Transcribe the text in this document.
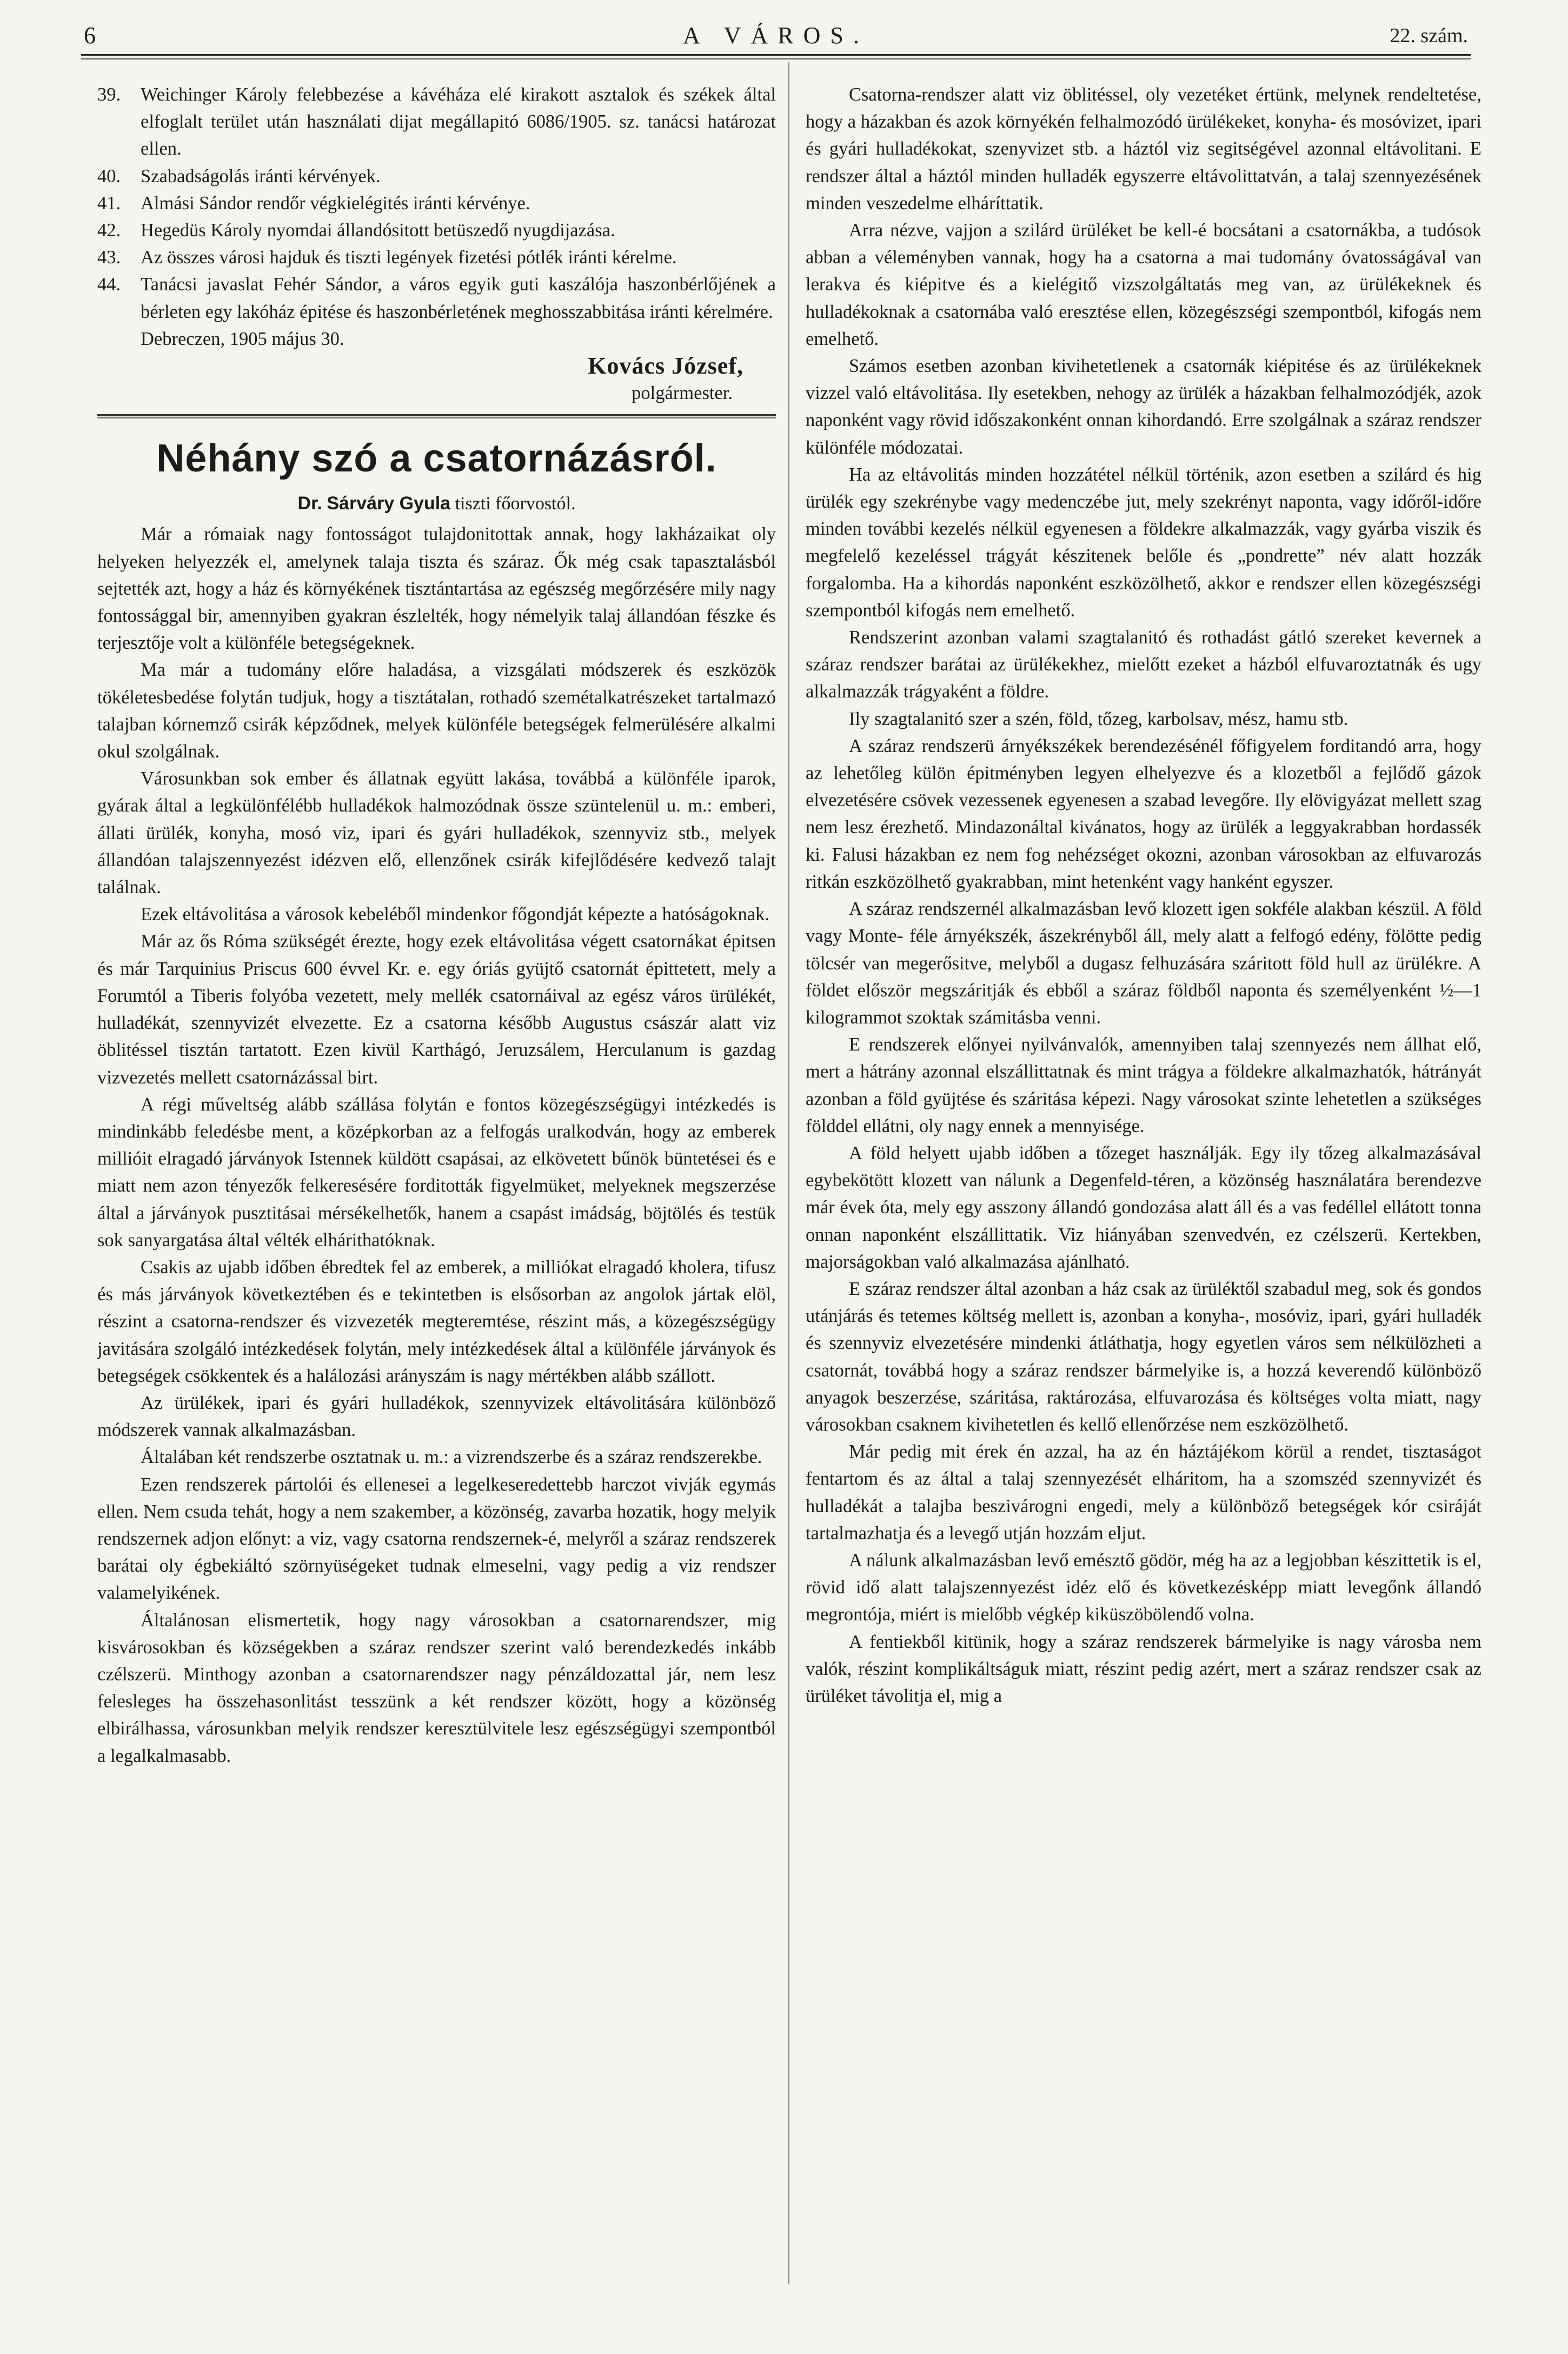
6	A VÁROS.	22. szám.

39. Weichinger Károly felebbezése a kávéháza elé kirakott asztalok és székek által elfoglalt terület után használati dijat megállapitó 6086/1905. sz. tanácsi határozat ellen.

40. Szabadságolás iránti kérvények.

41. Almási Sándor rendőr végkielégités iránti kérvénye.

42. Hegedüs Károly nyomdai állandósitott betüszedő nyugdijazása.

43. Az összes városi hajduk és tiszti legények fizetési pótlék iránti kérelme.

44. Tanácsi javaslat Fehér Sándor, a város egyik guti kaszálója haszonbérlőjének a bérleten egy lakóház épitése és haszonbérletének meghosszabbitása iránti kérelmére.

Debreczen, 1905 május 30.

Kovács József,

polgármester.

Néhány szó a csatornázásról.

Dr. Sárváry Gyula tiszti főorvostól.

Már a rómaiak nagy fontosságot tulajdonitottak annak, hogy lakházaikat oly helyeken helyezzék el, amelynek talaja tiszta és száraz. Ők még csak tapasztalásból sejtették azt, hogy a ház és környékének tisztántartása az egészség megőrzésére mily nagy fontossággal bir, amennyiben gyakran észlelték, hogy némelyik talaj állandóan fészke és terjesztője volt a különféle betegségeknek.

Ma már a tudomány előre haladása, a vizsgálati módszerek és eszközök tökéletesbedése folytán tudjuk, hogy a tisztátalan, rothadó szemétalkatrészeket tartalmazó talajban kórnemző csirák képződnek, melyek különféle betegségek felmerülésére alkalmi okul szolgálnak.

Városunkban sok ember és állatnak együtt lakása, továbbá a különféle iparok, gyárak által a legkülönfélébb hulladékok halmozódnak össze szüntelenül u. m.: emberi, állati ürülék, konyha, mosó viz, ipari és gyári hulladékok, szennyviz stb., melyek állandóan talajszennyezést idézven elő, ellenzőnek csirák kifejlődésére kedvező talajt találnak.

Ezek eltávolitása a városok kebeléből mindenkor főgondját képezte a hatóságoknak.

Már az ős Róma szükségét érezte, hogy ezek eltávolitása végett csatornákat épitsen és már Tarquinius Priscus 600 évvel Kr. e. egy óriás gyüjtő csatornát épittetett, mely a Forumtól a Tiberis folyóba vezetett, mely mellék csatornáival az egész város ürülékét, hulladékát, szennyvizét elvezette. Ez a csatorna később Augustus császár alatt viz öblitéssel tisztán tartatott. Ezen kivül Karthágó, Jeruzsálem, Herculanum is gazdag vizvezetés mellett csatornázással birt.

A régi műveltség alább szállása folytán e fontos közegészségügyi intézkedés is mindinkább feledésbe ment, a középkorban az a felfogás uralkodván, hogy az emberek millióit elragadó járványok Istennek küldött csapásai, az elkövetett bűnök büntetései és e miatt nem azon tényezők felkeresésére forditották figyelmüket, melyeknek megszerzése által a járványok pusztitásai mérsékelhetők, hanem a csapást imádság, böjtölés és testük sok sanyargatása által vélték elhárithatóknak.

Csakis az ujabb időben ébredtek fel az emberek, a milliókat elragadó kholera, tifusz és más járványok következtében és e tekintetben is elsősorban az angolok jártak elöl, részint a csatorna-rendszer és vizvezeték megteremtése, részint más, a közegészségügy javitására szolgáló intézkedések folytán, mely intézkedések által a különféle járványok és betegségek csökkentek és a halálozási arányszám is nagy mértékben alább szállott.

Az ürülékek, ipari és gyári hulladékok, szennyvizek eltávolitására különböző módszerek vannak alkalmazásban.

Általában két rendszerbe osztatnak u. m.: a vizrendszerbe és a száraz rendszerekbe.

Ezen rendszerek pártolói és ellenesei a legelkeseredettebb harczot vivják egymás ellen. Nem csuda tehát, hogy a nem szakember, a közönség, zavarba hozatik, hogy melyik rendszernek adjon előnyt: a viz, vagy csatorna rendszernek-é, melyről a száraz rendszerek barátai oly égbekiáltó szörnyüségeket tudnak elmeselni, vagy pedig a viz rendszer valamelyikének.

Általánosan elismertetik, hogy nagy városokban a csatornarendszer, mig kisvárosokban és községekben a száraz rendszer szerint való berendezkedés inkább czélszerü. Minthogy azonban a csatornarendszer nagy pénzáldozattal jár, nem lesz felesleges ha összehasonlitást tesszünk a két rendszer között, hogy a közönség elbirálhassa, városunkban melyik rendszer keresztülvitele lesz egészségügyi szempontból a legalkalmasabb.

Csatorna-rendszer alatt viz öblitéssel, oly vezetéket értünk, melynek rendeltetése, hogy a házakban és azok környékén felhalmozódó ürülékeket, konyha- és mosóvizet, ipari és gyári hulladékokat, szenyvizet stb. a háztól viz segitségével azonnal eltávolitani. E rendszer által a háztól minden hulladék egyszerre eltávolittatván, a talaj szennyezésének minden veszedelme elháríttatik.

Arra nézve, vajjon a szilárd ürüléket be kell-é bocsátani a csatornákba, a tudósok abban a véleményben vannak, hogy ha a csatorna a mai tudomány óvatosságával van lerakva és kiépitve és a kielégitő vizszolgáltatás meg van, az ürülékeknek és hulladékoknak a csatornába való eresztése ellen, közegészségi szempontból, kifogás nem emelhető.

Számos esetben azonban kivihetetlenek a csatornák kiépitése és az ürülékeknek vizzel való eltávolitása. Ily esetekben, nehogy az ürülék a házakban felhalmozódjék, azok naponként vagy rövid időszakonként onnan kihordandó. Erre szolgálnak a száraz rendszer különféle módozatai.

Ha az eltávolitás minden hozzátétel nélkül történik, azon esetben a szilárd és hig ürülék egy szekrénybe vagy medenczébe jut, mely szekrényt naponta, vagy időről-időre minden további kezelés nélkül egyenesen a földekre alkalmazzák, vagy gyárba viszik és megfelelő kezeléssel trágyát készitenek belőle és „pondrette” név alatt hozzák forgalomba. Ha a kihordás naponként eszközölhető, akkor e rendszer ellen közegészségi szempontból kifogás nem emelhető.

Rendszerint azonban valami szagtalanitó és rothadást gátló szereket kevernek a száraz rendszer barátai az ürülékekhez, mielőtt ezeket a házból elfuvaroztatnák és ugy alkalmazzák trágyaként a földre.

Ily szagtalanitó szer a szén, föld, tőzeg, karbolsav, mész, hamu stb.

A száraz rendszerü árnyékszékek berendezésénél főfigyelem forditandó arra, hogy az lehetőleg külön épitményben legyen elhelyezve és a klozetből a fejlődő gázok elvezetésére csövek vezessenek egyenesen a szabad levegőre. Ily elövigyázat mellett szag nem lesz érezhető. Mindazonáltal kivánatos, hogy az ürülék a leggyakrabban hordassék ki. Falusi házakban ez nem fog nehézséget okozni, azonban városokban az elfuvarozás ritkán eszközölhető gyakrabban, mint hetenként vagy hanként egyszer.

A száraz rendszernél alkalmazásban levő klozett igen sokféle alakban készül. A föld vagy Monte- féle árnyékszék, ászekrényből áll, mely alatt a felfogó edény, fölötte pedig tölcsér van megerősitve, melyből a dugasz felhuzására száritott föld hull az ürülékre. A földet először megszáritják és ebből a száraz földből naponta és személyenként ½—1 kilogrammot szoktak számitásba venni.

E rendszerek előnyei nyilvánvalók, amennyiben talaj szennyezés nem állhat elő, mert a hátrány azonnal elszállittatnak és mint trágya a földekre alkalmazhatók, hátrányát azonban a föld gyüjtése és száritása képezi. Nagy városokat szinte lehetetlen a szükséges földdel ellátni, oly nagy ennek a mennyisége.

A föld helyett ujabb időben a tőzeget használják. Egy ily tőzeg alkalmazásával egybekötött klozett van nálunk a Degenfeld-téren, a közönség használatára berendezve már évek óta, mely egy asszony állandó gondozása alatt áll és a vas fedéllel ellátott tonna onnan naponként elszállittatik. Viz hiányában szenvedvén, ez czélszerü. Kertekben, majorságokban való alkalmazása ajánlható.

E száraz rendszer által azonban a ház csak az ürüléktől szabadul meg, sok és gondos utánjárás és tetemes költség mellett is, azonban a konyha-, mosóviz, ipari, gyári hulladék és szennyviz elvezetésére mindenki átláthatja, hogy egyetlen város sem nélkülözheti a csatornát, továbbá hogy a száraz rendszer bármelyike is, a hozzá keverendő különböző anyagok beszerzése, száritása, raktározása, elfuvarozása és költséges volta miatt, nagy városokban csaknem kivihetetlen és kellő ellenőrzése nem eszközölhető.

Már pedig mit érek én azzal, ha az én háztájékom körül a rendet, tisztaságot fentartom és az által a talaj szennyezését elháritom, ha a szomszéd szennyvizét és hulladékát a talajba beszivárogni engedi, mely a különböző betegségek kór csiráját tartalmazhatja és a levegő utján hozzám eljut.

A nálunk alkalmazásban levő emésztő gödör, még ha az a legjobban készittetik is el, rövid idő alatt talajszennyezést idéz elő és következésképp miatt levegőnk állandó megrontója, miért is mielőbb végkép kiküszöbölendő volna.

A fentiekből kitünik, hogy a száraz rendszerek bármelyike is nagy városba nem valók, részint komplikáltságuk miatt, részint pedig azért, mert a száraz rendszer csak az ürüléket távolitja el, mig a
